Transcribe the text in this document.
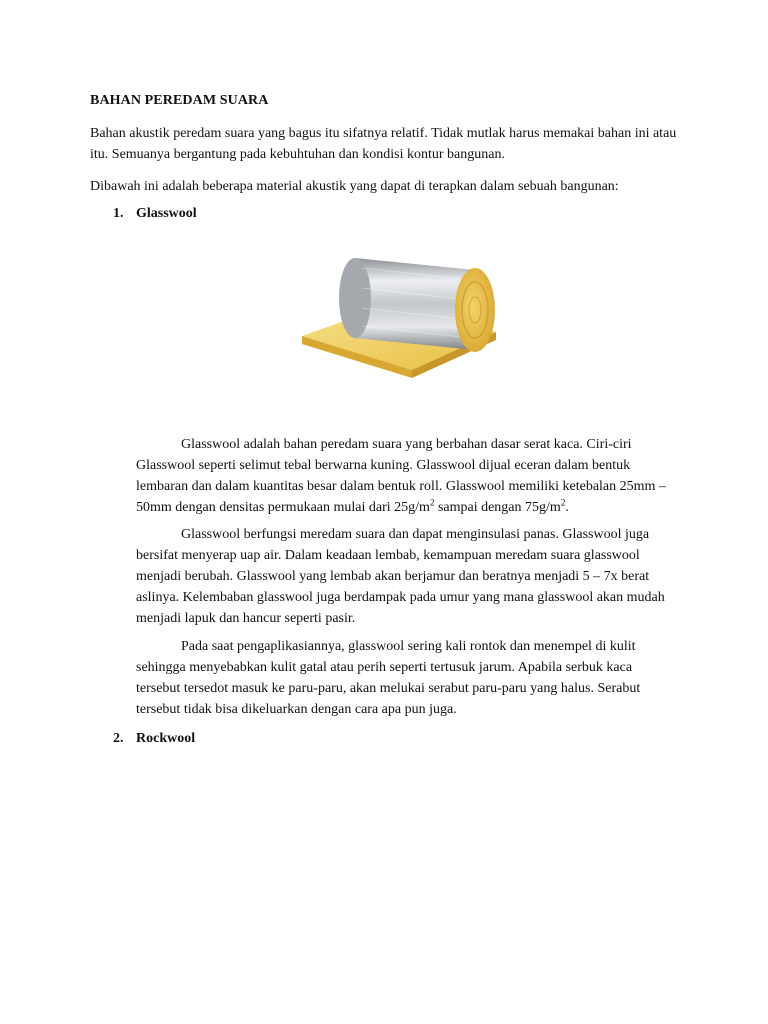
BAHAN PEREDAM SUARA

Bahan akustik peredam suara yang bagus itu sifatnya relatif. Tidak mutlak harus memakai bahan ini atau itu. Semuanya bergantung pada kebuhtuhan dan kondisi kontur bangunan.

Dibawah ini adalah beberapa material akustik yang dapat di terapkan dalam sebuah bangunan:

1. Glasswool

Glasswool adalah bahan peredam suara yang berbahan dasar serat kaca. Ciri-ciri Glasswool seperti selimut tebal berwarna kuning. Glasswool dijual eceran dalam bentuk lembaran dan dalam kuantitas besar dalam bentuk roll. Glasswool memiliki ketebalan 25mm – 50mm dengan densitas permukaan mulai dari $25g/m^2$ sampai dengan $75g/m^2$.

Glasswool berfungsi meredam suara dan dapat menginsulasi panas. Glasswool juga bersifat menyerap uap air. Dalam keadaan lembab, kemampuan meredam suara glasswool menjadi berubah. Glasswool yang lembab akan berjamur dan beratnya menjadi 5 – 7x berat aslinya. Kelembaban glasswool juga berdampak pada umur yang mana glasswool akan mudah menjadi lapuk dan hancur seperti pasir.

Pada saat pengaplikasiannya, glasswool sering kali rontok dan menempel di kulit sehingga menyebabkan kulit gatal atau perih seperti tertusuk jarum. Apabila serbuk kaca tersebut tersedot masuk ke paru-paru, akan melukai serabut paru-paru yang halus. Serabut tersebut tidak bisa dikeluarkan dengan cara apa pun juga.

2. Rockwool
